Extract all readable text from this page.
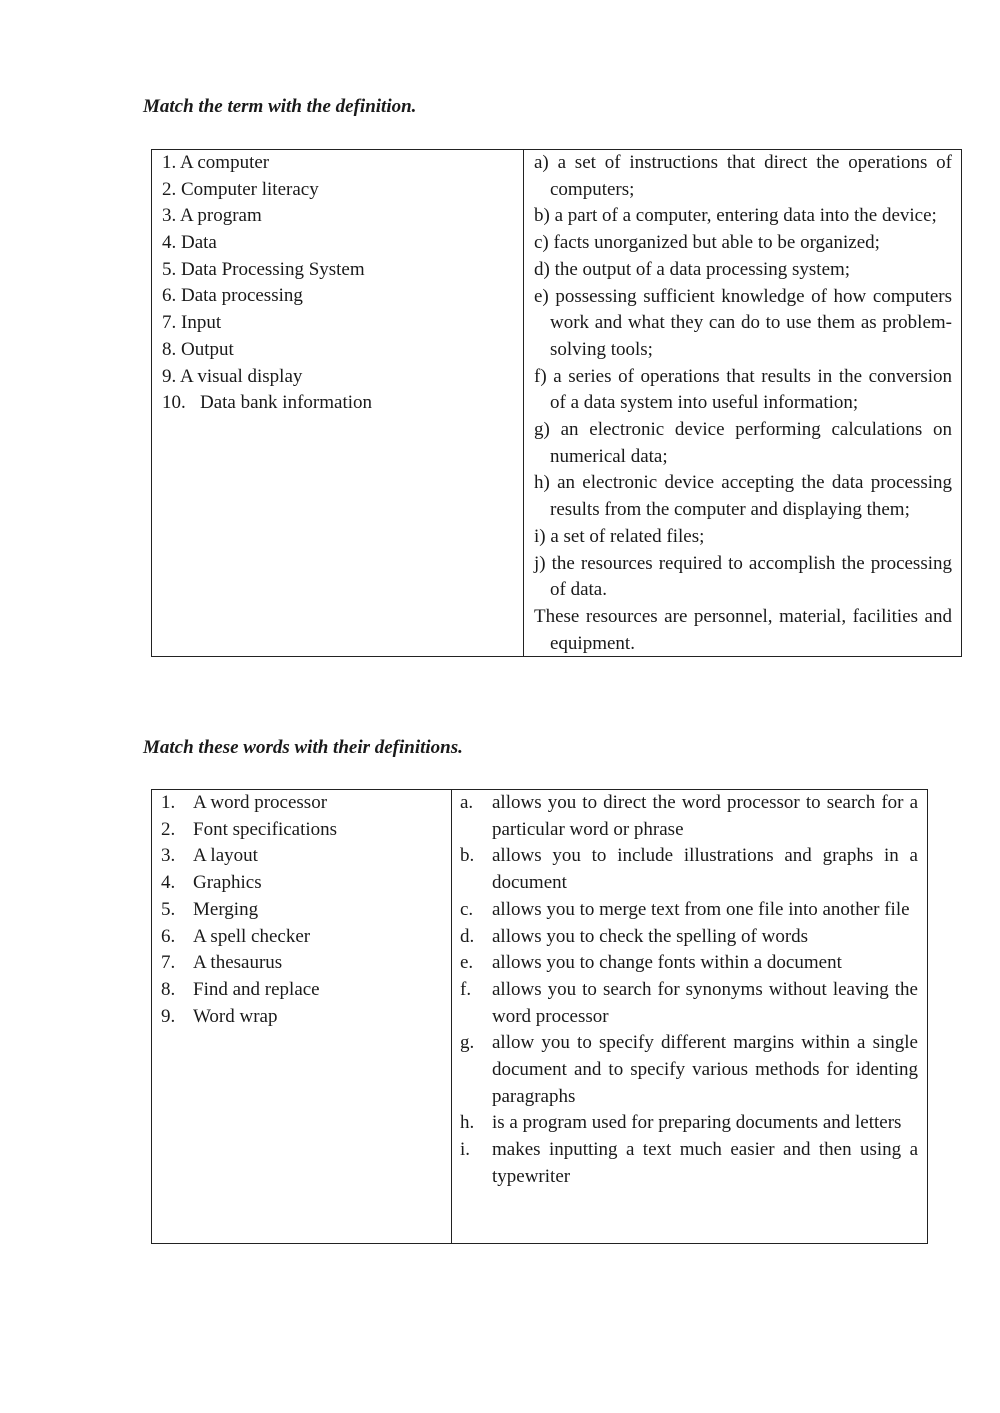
Match the term with the definition.
1. A computer
2. Computer literacy
3. A program
4. Data
5. Data Processing System
6. Data processing
7. Input
8. Output
9. A visual display
10.   Data bank information
a) a set of instructions that direct the operations of computers;
b) a part of a computer, entering data into the device;
c) facts unorganized but able to be organized;
d) the output of a data processing system;
e) possessing sufficient knowledge of how computers work and what they can do to use them as problem-solving tools;
f) a series of operations that results in the conversion of a data system into useful information;
g) an electronic device performing calculations on numerical data;
h) an electronic device accepting the data processing results from the computer and displaying them;
i) a set of related files;
j) the resources required to accomplish the processing of data.
These resources are personnel, material, facilities and equipment.
Match these words with their definitions.
1. A word processor
2. Font specifications
3. A layout
4. Graphics
5. Merging
6. A spell checker
7. A thesaurus
8. Find and replace
9. Word wrap
a. allows you to direct the word processor to search for a particular word or phrase
b. allows you to include illustrations and graphs in a document
c. allows you to merge text from one file into another file
d. allows you to check the spelling of words
e. allows you to change fonts within a document
f.	allows you to search for synonyms without leaving the word processor
g. allow you to specify different margins within a single document and to specify various methods for identing paragraphs
h. is a program used for preparing documents and letters
i.	makes inputting a text much easier and then using a typewriter
